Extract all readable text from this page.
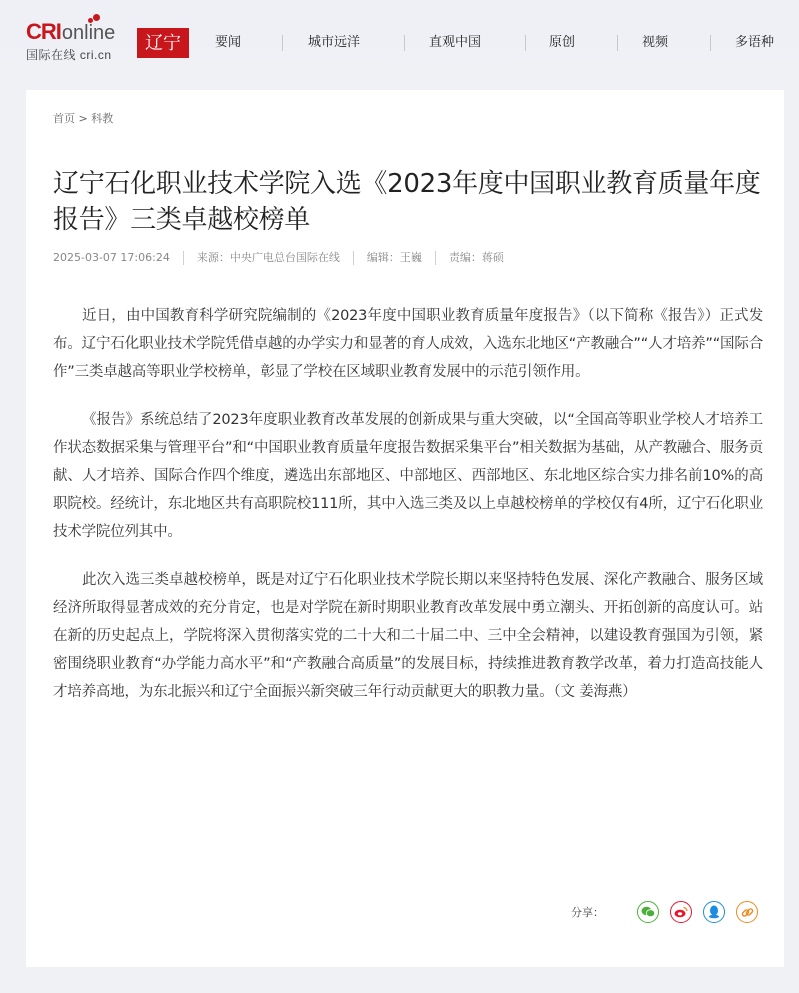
CRI online
国际在线 cri.cn
辽宁	要闻	城市远洋	直观中国	原创	视频	多语种
首页 > 科教
辽宁石化职业技术学院入选《2023年度中国职业教育质量年度报告》三类卓越校榜单
2025-03-07 17:06:24 来源：中央广电总台国际在线 编辑：王巍 责编：蒋硕

近日，由中国教育科学研究院编制的《2023年度中国职业教育质量年度报告》（以下简称《报告》）正式发布。辽宁石化职业技术学院凭借卓越的办学实力和显著的育人成效，入选东北地区“产教融合”“人才培养”“国际合作”三类卓越高等职业学校榜单，彰显了学校在区域职业教育发展中的示范引领作用。

《报告》系统总结了2023年度职业教育改革发展的创新成果与重大突破，以“全国高等职业学校人才培养工作状态数据采集与管理平台”和“中国职业教育质量年度报告数据采集平台”相关数据为基础，从产教融合、服务贡献、人才培养、国际合作四个维度，遴选出东部地区、中部地区、西部地区、东北地区综合实力排名前10%的高职院校。经统计，东北地区共有高职院校111所，其中入选三类及以上卓越校榜单的学校仅有4所，辽宁石化职业技术学院位列其中。

此次入选三类卓越校榜单，既是对辽宁石化职业技术学院长期以来坚持特色发展、深化产教融合、服务区域经济所取得显著成效的充分肯定，也是对学院在新时期职业教育改革发展中勇立潮头、开拓创新的高度认可。站在新的历史起点上，学院将深入贯彻落实党的二十大和二十届二中、三中全会精神，以建设教育强国为引领，紧密围绕职业教育“办学能力高水平”和“产教融合高质量”的发展目标，持续推进教育教学改革，着力打造高技能人才培养高地，为东北振兴和辽宁全面振兴新突破三年行动贡献更大的职教力量。（文 姜海燕）

分享：
